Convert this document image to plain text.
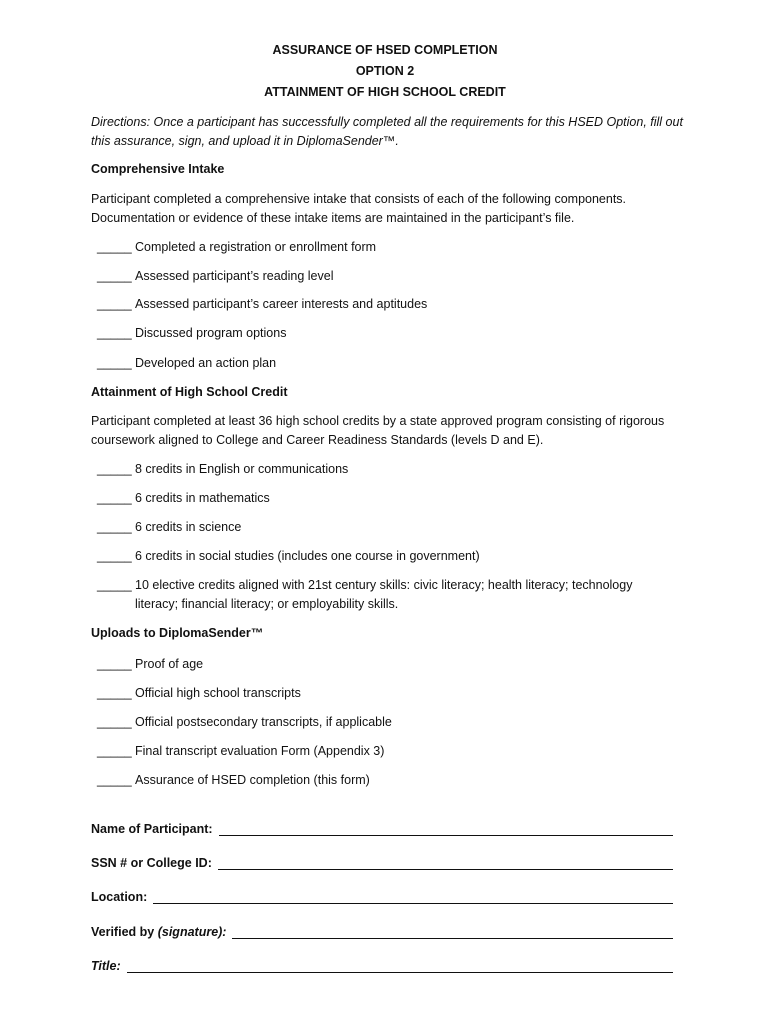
ASSURANCE OF HSED COMPLETION
OPTION 2
ATTAINMENT OF HIGH SCHOOL CREDIT

Directions: Once a participant has successfully completed all the requirements for this HSED Option, fill out this assurance, sign, and upload it in DiplomaSender™.

Comprehensive Intake

Participant completed a comprehensive intake that consists of each of the following components. Documentation or evidence of these intake items are maintained in the participant’s file.

_____ Completed a registration or enrollment form
_____ Assessed participant’s reading level
_____ Assessed participant’s career interests and aptitudes
_____ Discussed program options
_____ Developed an action plan
Attainment of High School Credit

Participant completed at least 36 high school credits by a state approved program consisting of rigorous coursework aligned to College and Career Readiness Standards (levels D and E).

_____ 8 credits in English or communications
_____ 6 credits in mathematics
_____ 6 credits in science
_____ 6 credits in social studies (includes one course in government)
_____ 10 elective credits aligned with 21st century skills: civic literacy; health literacy; technology literacy; financial literacy; or employability skills.
Uploads to DiplomaSender™
_____ Proof of age
_____ Official high school transcripts
_____ Official postsecondary transcripts, if applicable
_____ Final transcript evaluation Form (Appendix 3)
_____ Assurance of HSED completion (this form)
Name of Participant:
SSN # or College ID:
Location:
Verified by
(signature):
Title:
